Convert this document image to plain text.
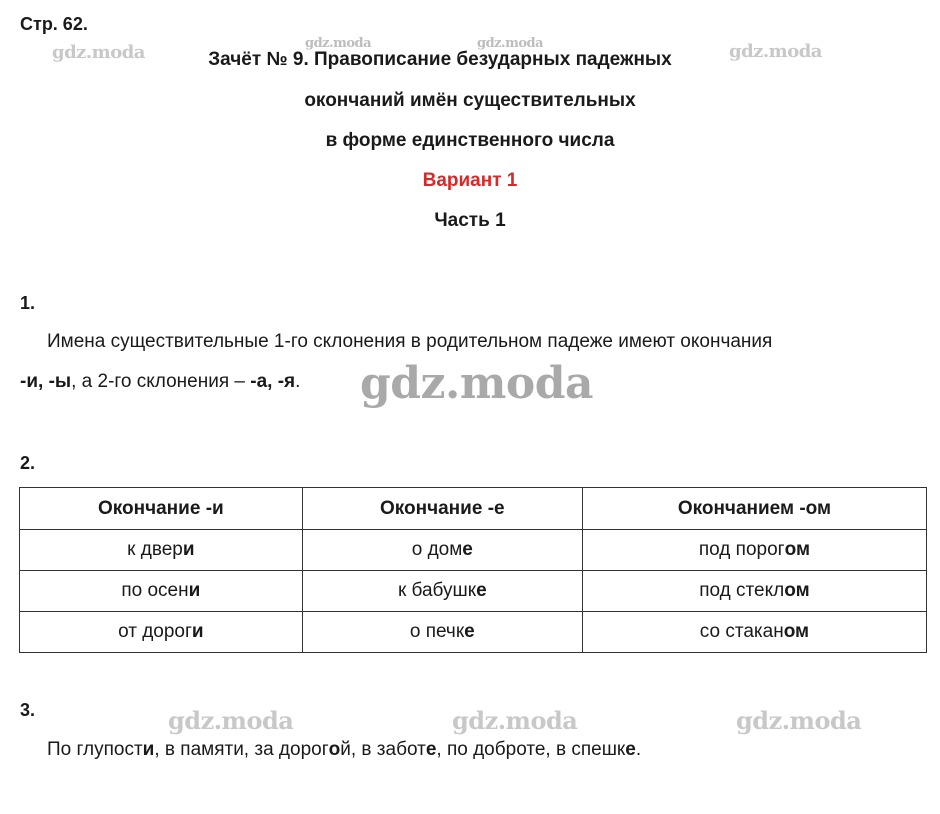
Стр. 62.
gdz.moda	gdz.moda	gdz.moda	gdz.moda
gdz.moda
gdz.moda	gdz.moda	gdz.moda
Зачёт № 9. Правописание безударных падежных
окончаний имён существительных
в форме единственного числа
Вариант 1
Часть 1
1.
Имена существительные 1-го склонения в родительном падеже имеют окончания
-и, -ы, а 2-го склонения – -а, -я.
2.
Окончание -и	Окончание -е	Окончанием -ом
к двери	о доме	под порогом
по осени	к бабушке	под стеклом
от дороги	о печке	со стаканом
3.
По глупости, в памяти, за дорогой, в заботе, по доброте, в спешке.
